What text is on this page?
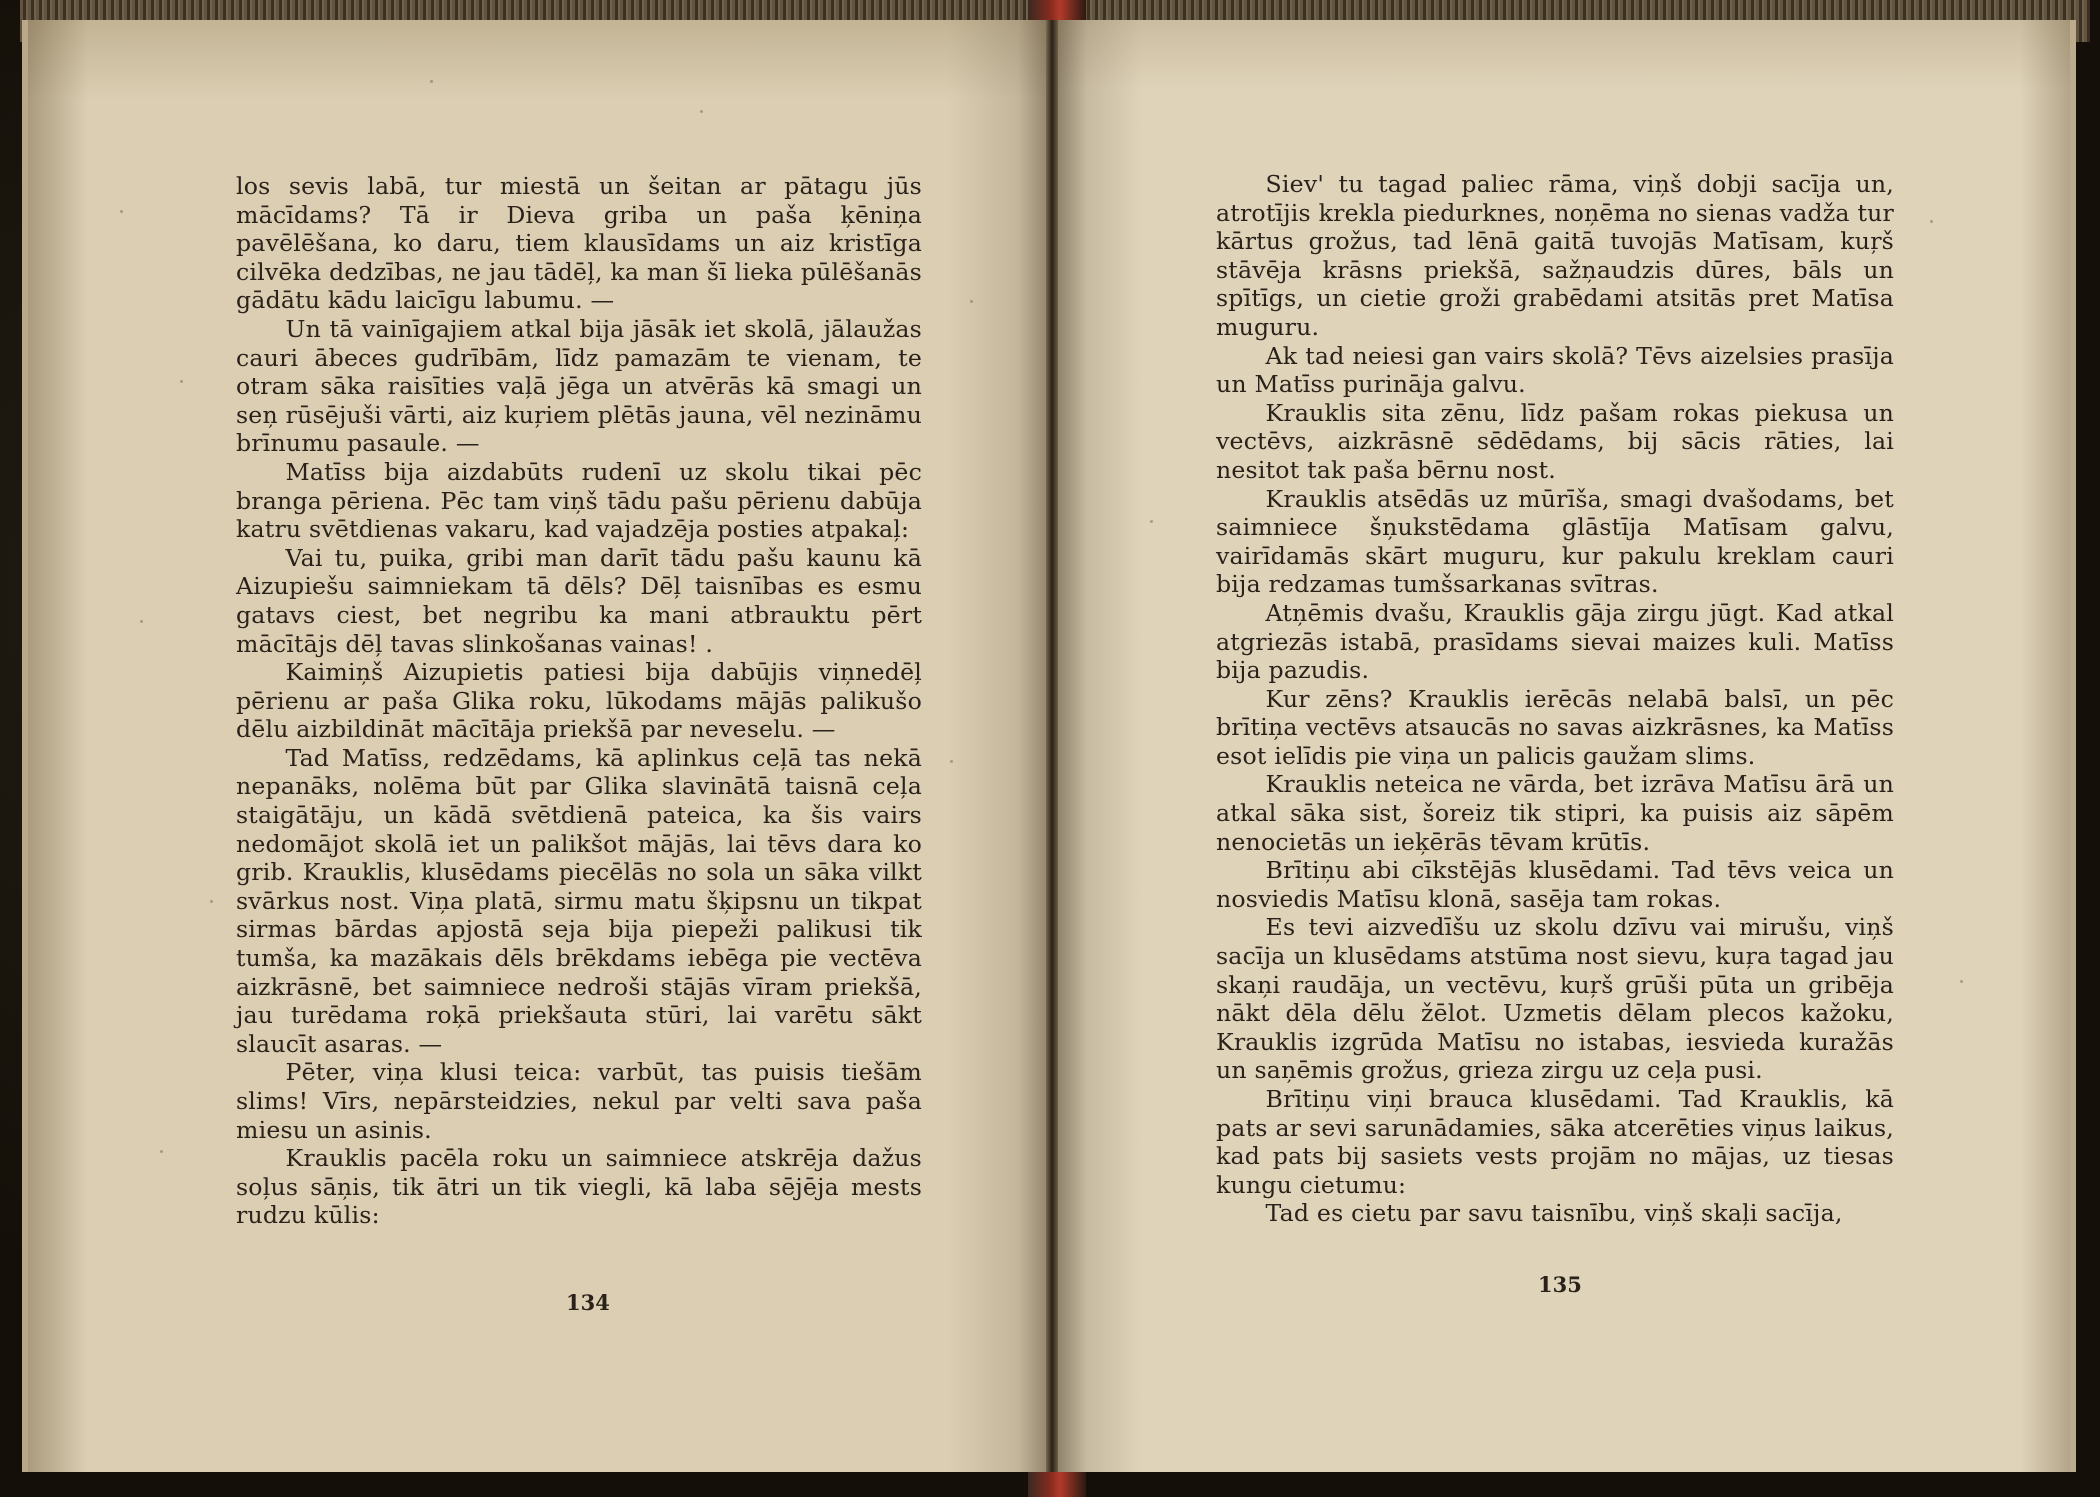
los sevis labā, tur miestā un šeitan ar pātagu jūs mācīdams? Tā ir Dieva griba un paša ķēniņa pavēlēšana, ko daru, tiem klausīdams un aiz kristīga cilvēka dedzības, ne jau tādēļ, ka man šī lieka pūlēšanās gādātu kādu laicīgu labumu. —

Un tā vainīgajiem atkal bija jāsāk iet skolā, jālaužas cauri ābeces gudrībām, līdz pamazām te vienam, te otram sāka raisīties vaļā jēga un atvērās kā smagi un seņ rūsējuši vārti, aiz kuŗiem plētās jauna, vēl nezināmu brīnumu pasaule. —

Matīss bija aizdabūts rudenī uz skolu tikai pēc branga pēriena. Pēc tam viņš tādu pašu pērienu dabūja katru svētdienas vakaru, kad vajadzēja posties atpakaļ:

Vai tu, puika, gribi man darīt tādu pašu kaunu kā Aizupiešu saimniekam tā dēls? Dēļ taisnības es esmu gatavs ciest, bet negribu ka mani atbrauktu pērt mācītājs dēļ tavas slinkošanas vainas! .

Kaimiņš Aizupietis patiesi bija dabūjis viņnedēļ pērienu ar paša Glika roku, lūkodams mājās palikušo dēlu aizbildināt mācītāja priekšā par neveselu. —

Tad Matīss, redzēdams, kā aplinkus ceļā tas nekā nepanāks, nolēma būt par Glika slavinātā taisnā ceļa staigātāju, un kādā svētdienā pateica, ka šis vairs nedomājot skolā iet un palikšot mājās, lai tēvs dara ko grib. Krauklis, klusēdams piecēlās no sola un sāka vilkt svārkus nost. Viņa platā, sirmu matu šķipsnu un tikpat sirmas bārdas apjostā seja bija piepeži palikusi tik tumša, ka mazākais dēls brēkdams iebēga pie vectēva aizkrāsnē, bet saimniece nedroši stājās vīram priekšā, jau turēdama roķā priekšauta stūri, lai varētu sākt slaucīt asaras. —

Pēter, viņa klusi teica: varbūt, tas puisis tiešām slims! Vīrs, nepārsteidzies, nekul par velti sava paša miesu un asinis.

Krauklis pacēla roku un saimniece atskrēja dažus soļus sāņis, tik ātri un tik viegli, kā laba sējēja mests rudzu kūlis:

134

Siev' tu tagad paliec rāma, viņš dobji sacīja un, atrotījis krekla piedurknes, noņēma no sienas vadža tur kārtus grožus, tad lēnā gaitā tuvojās Matīsam, kuŗš stāvēja krāsns priekšā, sažņaudzis dūres, bāls un spītīgs, un cietie groži grabēdami atsitās pret Matīsa muguru.

Ak tad neiesi gan vairs skolā? Tēvs aizelsies prasīja un Matīss purināja galvu.

Krauklis sita zēnu, līdz pašam rokas piekusa un vectēvs, aizkrāsnē sēdēdams, bij sācis rāties, lai nesitot tak paša bērnu nost.

Krauklis atsēdās uz mūrīša, smagi dvašodams, bet saimniece šņukstēdama glāstīja Matīsam galvu, vairīdamās skārt muguru, kur pakulu kreklam cauri bija redzamas tumšsarkanas svītras.

Atņēmis dvašu, Krauklis gāja zirgu jūgt. Kad atkal atgriezās istabā, prasīdams sievai maizes kuli. Matīss bija pazudis.

Kur zēns? Krauklis ierēcās nelabā balsī, un pēc brītiņa vectēvs atsaucās no savas aizkrāsnes, ka Matīss esot ielīdis pie viņa un palicis gaužam slims.

Krauklis neteica ne vārda, bet izrāva Matīsu ārā un atkal sāka sist, šoreiz tik stipri, ka puisis aiz sāpēm nenocietās un ieķērās tēvam krūtīs.

Brītiņu abi cīkstējās klusēdami. Tad tēvs veica un nosviedis Matīsu klonā, sasēja tam rokas.

Es tevi aizvedīšu uz skolu dzīvu vai mirušu, viņš sacīja un klusēdams atstūma nost sievu, kuŗa tagad jau skaņi raudāja, un vectēvu, kuŗš grūši pūta un gribēja nākt dēla dēlu žēlot. Uzmetis dēlam plecos kažoku, Krauklis izgrūda Matīsu no istabas, iesvieda kuražās un saņēmis grožus, grieza zirgu uz ceļa pusi.

Brītiņu viņi brauca klusēdami. Tad Krauklis, kā pats ar sevi sarunādamies, sāka atcerēties viņus laikus, kad pats bij sasiets vests projām no mājas, uz tiesas kungu cietumu:

Tad es cietu par savu taisnību, viņš skaļi sacīja,

135
